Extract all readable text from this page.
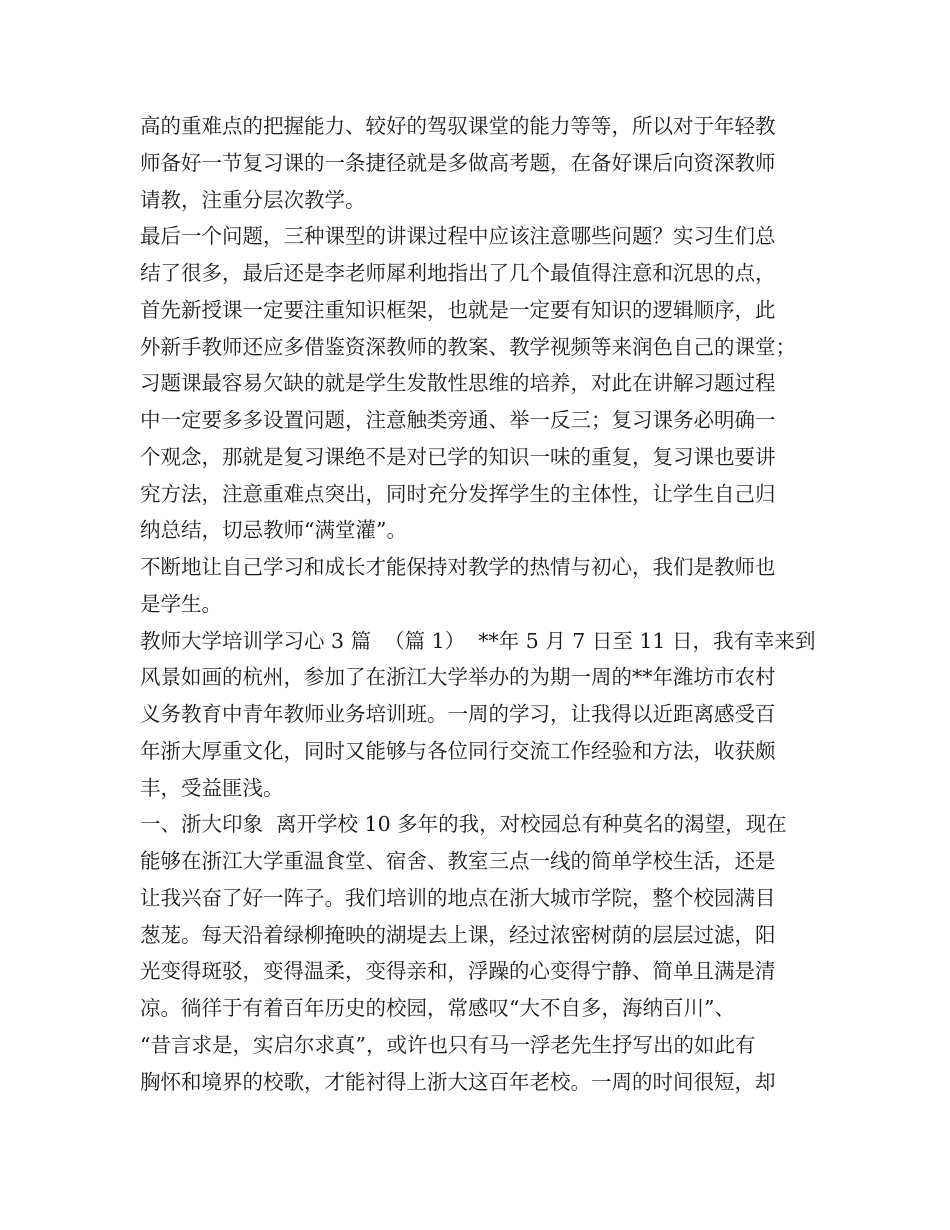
高的重难点的把握能力、较好的驾驭课堂的能力等等，所以对于年轻教
师备好一节复习课的一条捷径就是多做高考题，在备好课后向资深教师
请教，注重分层次教学。
最后一个问题，三种课型的讲课过程中应该注意哪些问题？实习生们总
结了很多，最后还是李老师犀利地指出了几个最值得注意和沉思的点，
首先新授课一定要注重知识框架，也就是一定要有知识的逻辑顺序，此
外新手教师还应多借鉴资深教师的教案、教学视频等来润色自己的课堂；
习题课最容易欠缺的就是学生发散性思维的培养，对此在讲解习题过程
中一定要多多设置问题，注意触类旁通、举一反三；复习课务必明确一
个观念，那就是复习课绝不是对已学的知识一味的重复，复习课也要讲
究方法，注意重难点突出，同时充分发挥学生的主体性，让学生自己归
纳总结，切忌教师“满堂灌”。
不断地让自己学习和成长才能保持对教学的热情与初心，我们是教师也
是学生。
教师大学培训学习心 3 篇  （篇 1）  **年 5 月 7 日至 11 日，我有幸来到
风景如画的杭州，参加了在浙江大学举办的为期一周的**年潍坊市农村
义务教育中青年教师业务培训班。一周的学习，让我得以近距离感受百
年浙大厚重文化，同时又能够与各位同行交流工作经验和方法，收获颇
丰，受益匪浅。
一、浙大印象  离开学校 10 多年的我，对校园总有种莫名的渴望，现在
能够在浙江大学重温食堂、宿舍、教室三点一线的简单学校生活，还是
让我兴奋了好一阵子。我们培训的地点在浙大城市学院，整个校园满目
葱茏。每天沿着绿柳掩映的湖堤去上课，经过浓密树荫的层层过滤，阳
光变得斑驳，变得温柔，变得亲和，浮躁的心变得宁静、简单且满是清
凉。徜徉于有着百年历史的校园，常感叹“大不自多，海纳百川”、
“昔言求是，实启尔求真”，或许也只有马一浮老先生抒写出的如此有
胸怀和境界的校歌，才能衬得上浙大这百年老校。一周的时间很短，却
